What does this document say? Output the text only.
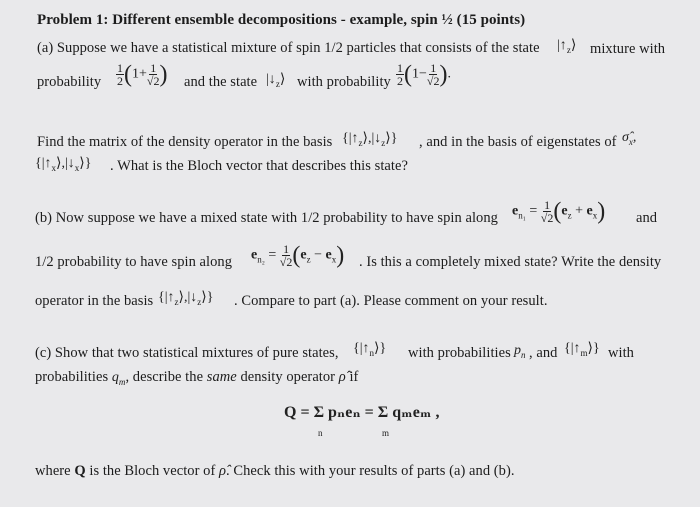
Problem 1: Different ensemble decompositions - example, spin ½ (15 points)
(a) Suppose we have a statistical mixture of spin 1/2 particles that consists of the state $|↑_z⟩$ mixture with
probability $\frac{1}{2} (1+ \frac{1}{√2}$ ) and the state $|↓_z⟩$ with probability $\frac{1}{2} (1- \frac{1}{√2}$ ).
Find the matrix of the density operator in the basis $\{|↑_z⟩,|↓_z⟩\}$ , and in the basis of eigenstates of $\sigmâ_x$,
$\{|↑_x⟩,|↓_x⟩\}$ . What is the Bloch vector that describes this state?
(b) Now suppose we have a mixed state with 1/2 probability to have spin along $e_{n_1} = \frac{1}{√2} (e_z + e_x)$ and
1/2 probability to have spin along $e_{n_2} = \frac{1}{√2} (e_z - e_x)$ . Is this a completely mixed state? Write the density
operator in the basis $\{|↑_z⟩,|↓_z⟩\}$ . Compare to part (a). Please comment on your result.
(c) Show that two statistical mixtures of pure states, $\{|↑_n⟩\}$ with probabilities $p_n$ , and $\{|↑_m⟩\}$ with
probabilities $q_m$, describe the same density operator ρ̂ if
Q = Σ pₙeₙ = Σ qₘeₘ ,
n	m
where Q is the Bloch vector of ρ̂. Check this with your results of parts (a) and (b).
